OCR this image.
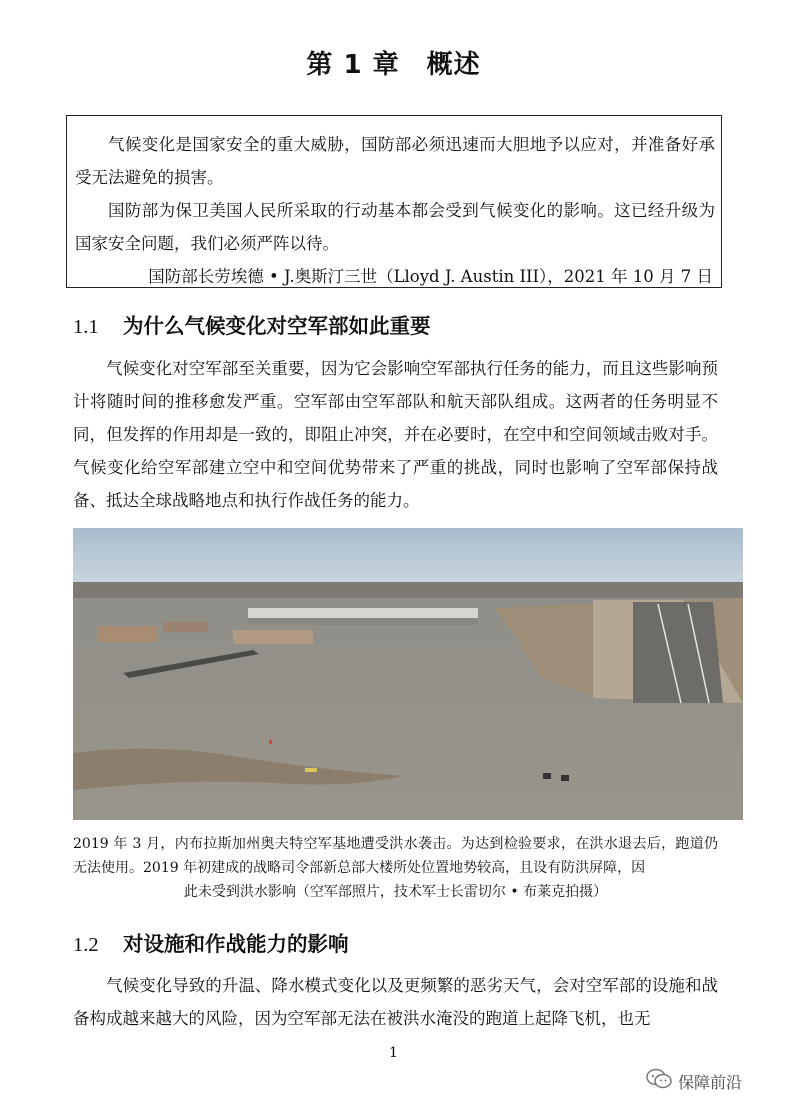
第 1 章　概述

气候变化是国家安全的重大威胁，国防部必须迅速而大胆地予以应对，并准备好承受无法避免的损害。

国防部为保卫美国人民所采取的行动基本都会受到气候变化的影响。这已经升级为国家安全问题，我们必须严阵以待。

国防部长劳埃德 • J.奥斯汀三世（Lloyd J. Austin III），2021 年 10 月 7 日
1.1 为什么气候变化对空军部如此重要

气候变化对空军部至关重要，因为它会影响空军部执行任务的能力，而且这些影响预计将随时间的推移愈发严重。空军部由空军部队和航天部队组成。这两者的任务明显不同，但发挥的作用却是一致的，即阻止冲突，并在必要时，在空中和空间领域击败对手。气候变化给空军部建立空中和空间优势带来了严重的挑战，同时也影响了空军部保持战备、抵达全球战略地点和执行作战任务的能力。

2019 年 3 月，内布拉斯加州奥夫特空军基地遭受洪水袭击。为达到检验要求，在洪水退去后，跑道仍无法使用。2019 年初建成的战略司令部新总部大楼所处位置地势较高，且设有防洪屏障，因
此未受到洪水影响（空军部照片，技术军士长雷切尔 • 布莱克拍摄）

1.2 对设施和作战能力的影响

气候变化导致的升温、降水模式变化以及更频繁的恶劣天气，会对空军部的设施和战备构成越来越大的风险，因为空军部无法在被洪水淹没的跑道上起降飞机，也无

1
保障前沿
